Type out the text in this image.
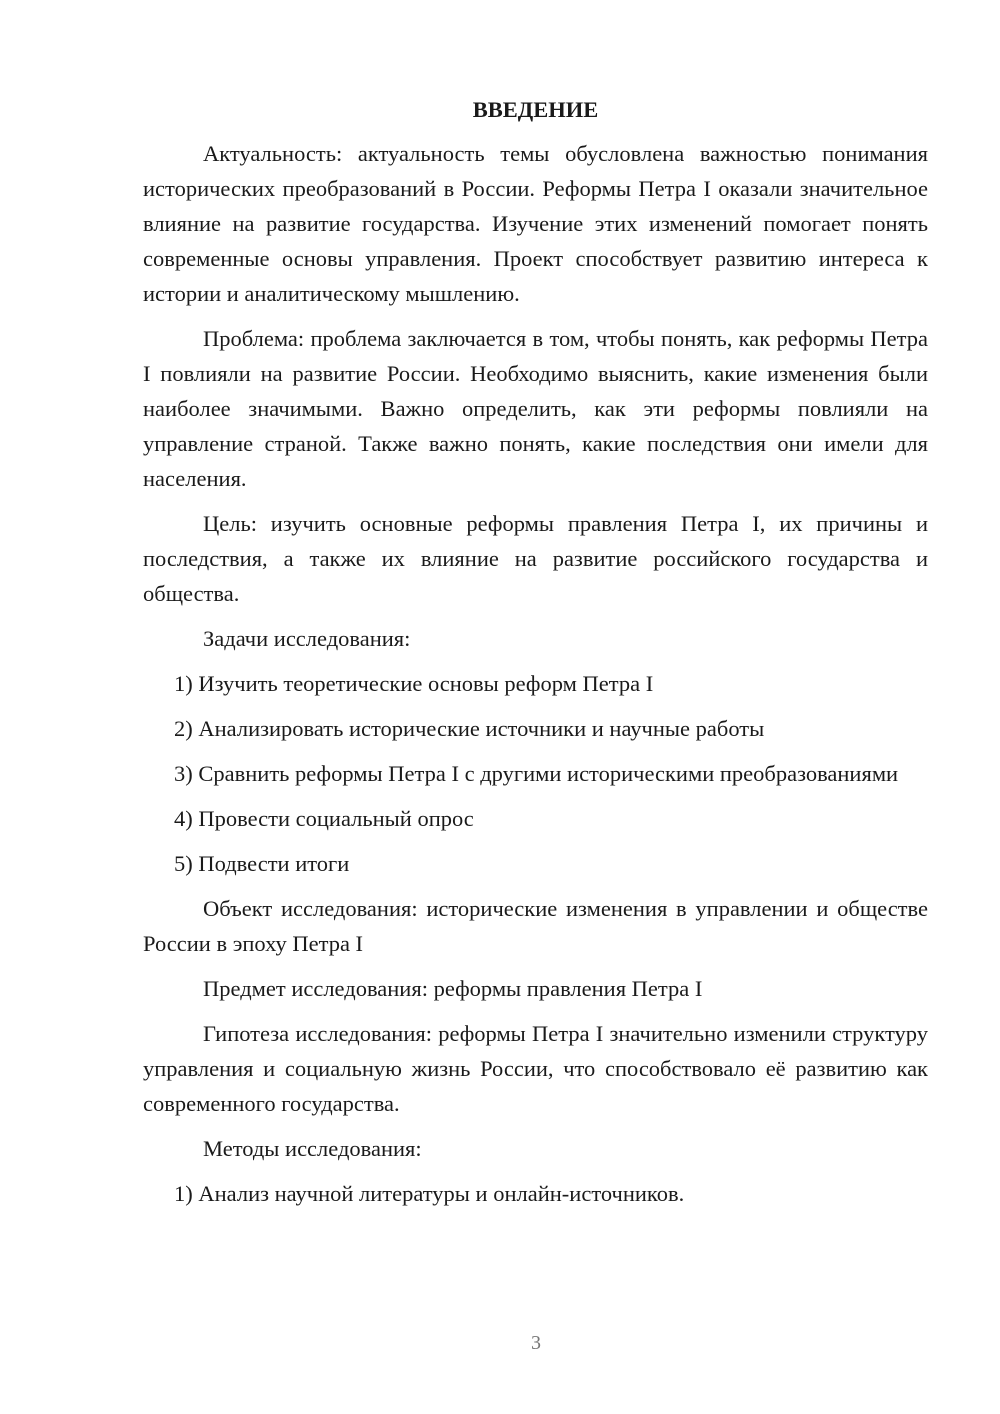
ВВЕДЕНИЕ

Актуальность: актуальность темы обусловлена важностью понимания исторических преобразований в России. Реформы Петра I оказали значительное влияние на развитие государства. Изучение этих изменений помогает понять современные основы управления. Проект способствует развитию интереса к истории и аналитическому мышлению.

Проблема: проблема заключается в том, чтобы понять, как реформы Петра I повлияли на развитие России. Необходимо выяснить, какие изменения были наиболее значимыми. Важно определить, как эти реформы повлияли на управление страной. Также важно понять, какие последствия они имели для населения.

Цель: изучить основные реформы правления Петра I, их причины и последствия, а также их влияние на развитие российского государства и общества.

Задачи исследования:

1) Изучить теоретические основы реформ Петра I

2) Анализировать исторические источники и научные работы

3) Сравнить реформы Петра I с другими историческими преобразованиями

4) Провести социальный опрос

5) Подвести итоги

Объект исследования: исторические изменения в управлении и обществе России в эпоху Петра I

Предмет исследования: реформы правления Петра I

Гипотеза исследования: реформы Петра I значительно изменили структуру управления и социальную жизнь России, что способствовало её развитию как современного государства.

Методы исследования:

1) Анализ научной литературы и онлайн-источников.

3
